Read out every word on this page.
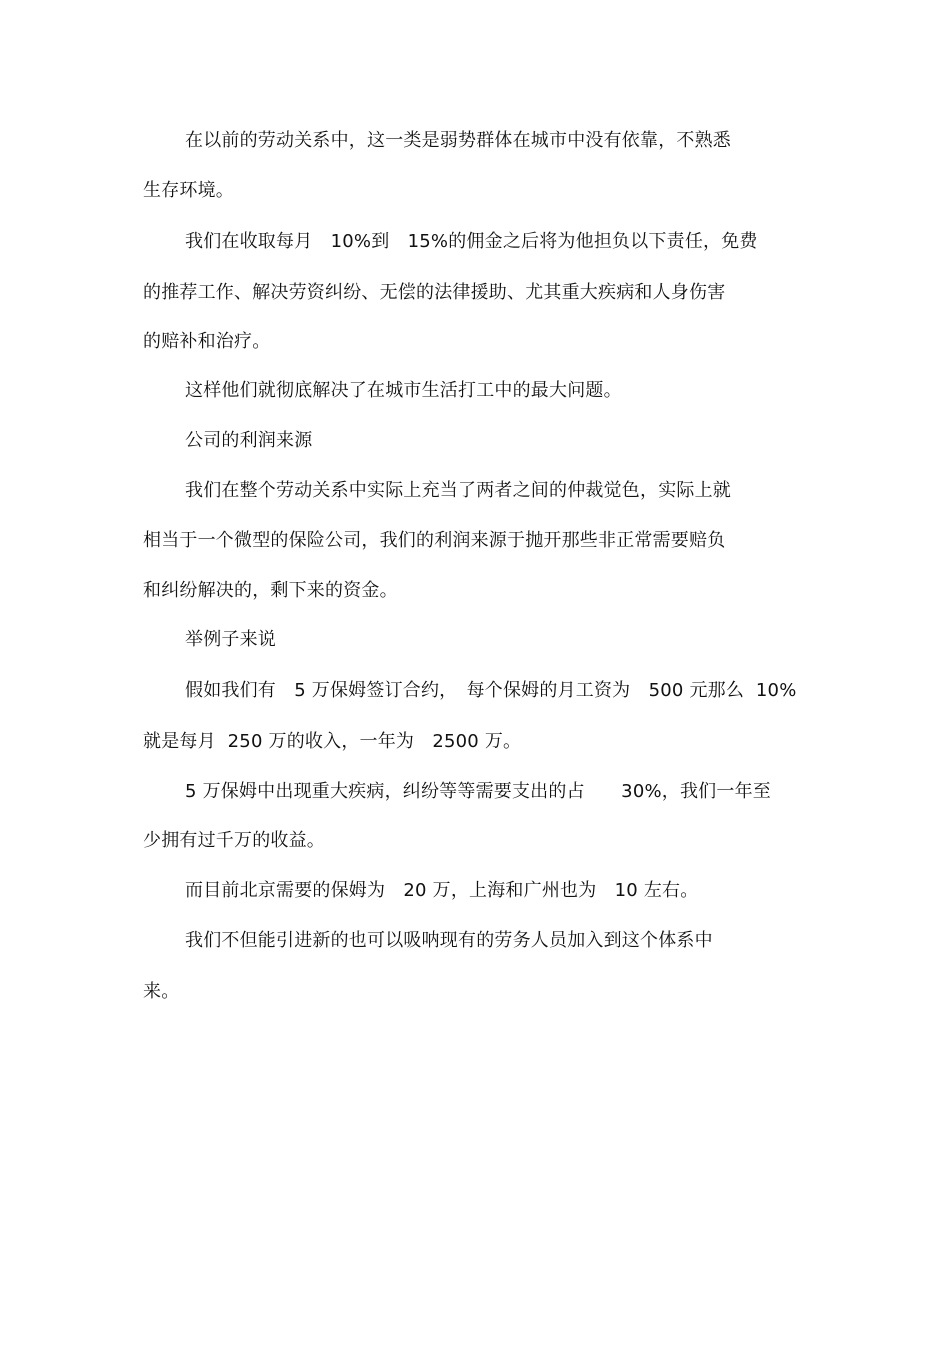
在以前的劳动关系中，这一类是弱势群体在城市中没有依靠，不熟悉
生存环境。
我们在收取每月　10%到　15%的佣金之后将为他担负以下责任，免费
的推荐工作、解决劳资纠纷、无偿的法律援助、尤其重大疾病和人身伤害
的赔补和治疗。
这样他们就彻底解决了在城市生活打工中的最大问题。
公司的利润来源
我们在整个劳动关系中实际上充当了两者之间的仲裁觉色，实际上就
相当于一个微型的保险公司，我们的利润来源于抛开那些非正常需要赔负
和纠纷解决的，剩下来的资金。
举例子来说
假如我们有　5 万保姆签订合约，　每个保姆的月工资为　500 元那么  10%
就是每月  250 万的收入，一年为　2500 万。
5 万保姆中出现重大疾病，纠纷等等需要支出的占　　30%，我们一年至
少拥有过千万的收益。
而目前北京需要的保姆为　20 万，上海和广州也为　10 左右。
我们不但能引进新的也可以吸呐现有的劳务人员加入到这个体系中
来。
